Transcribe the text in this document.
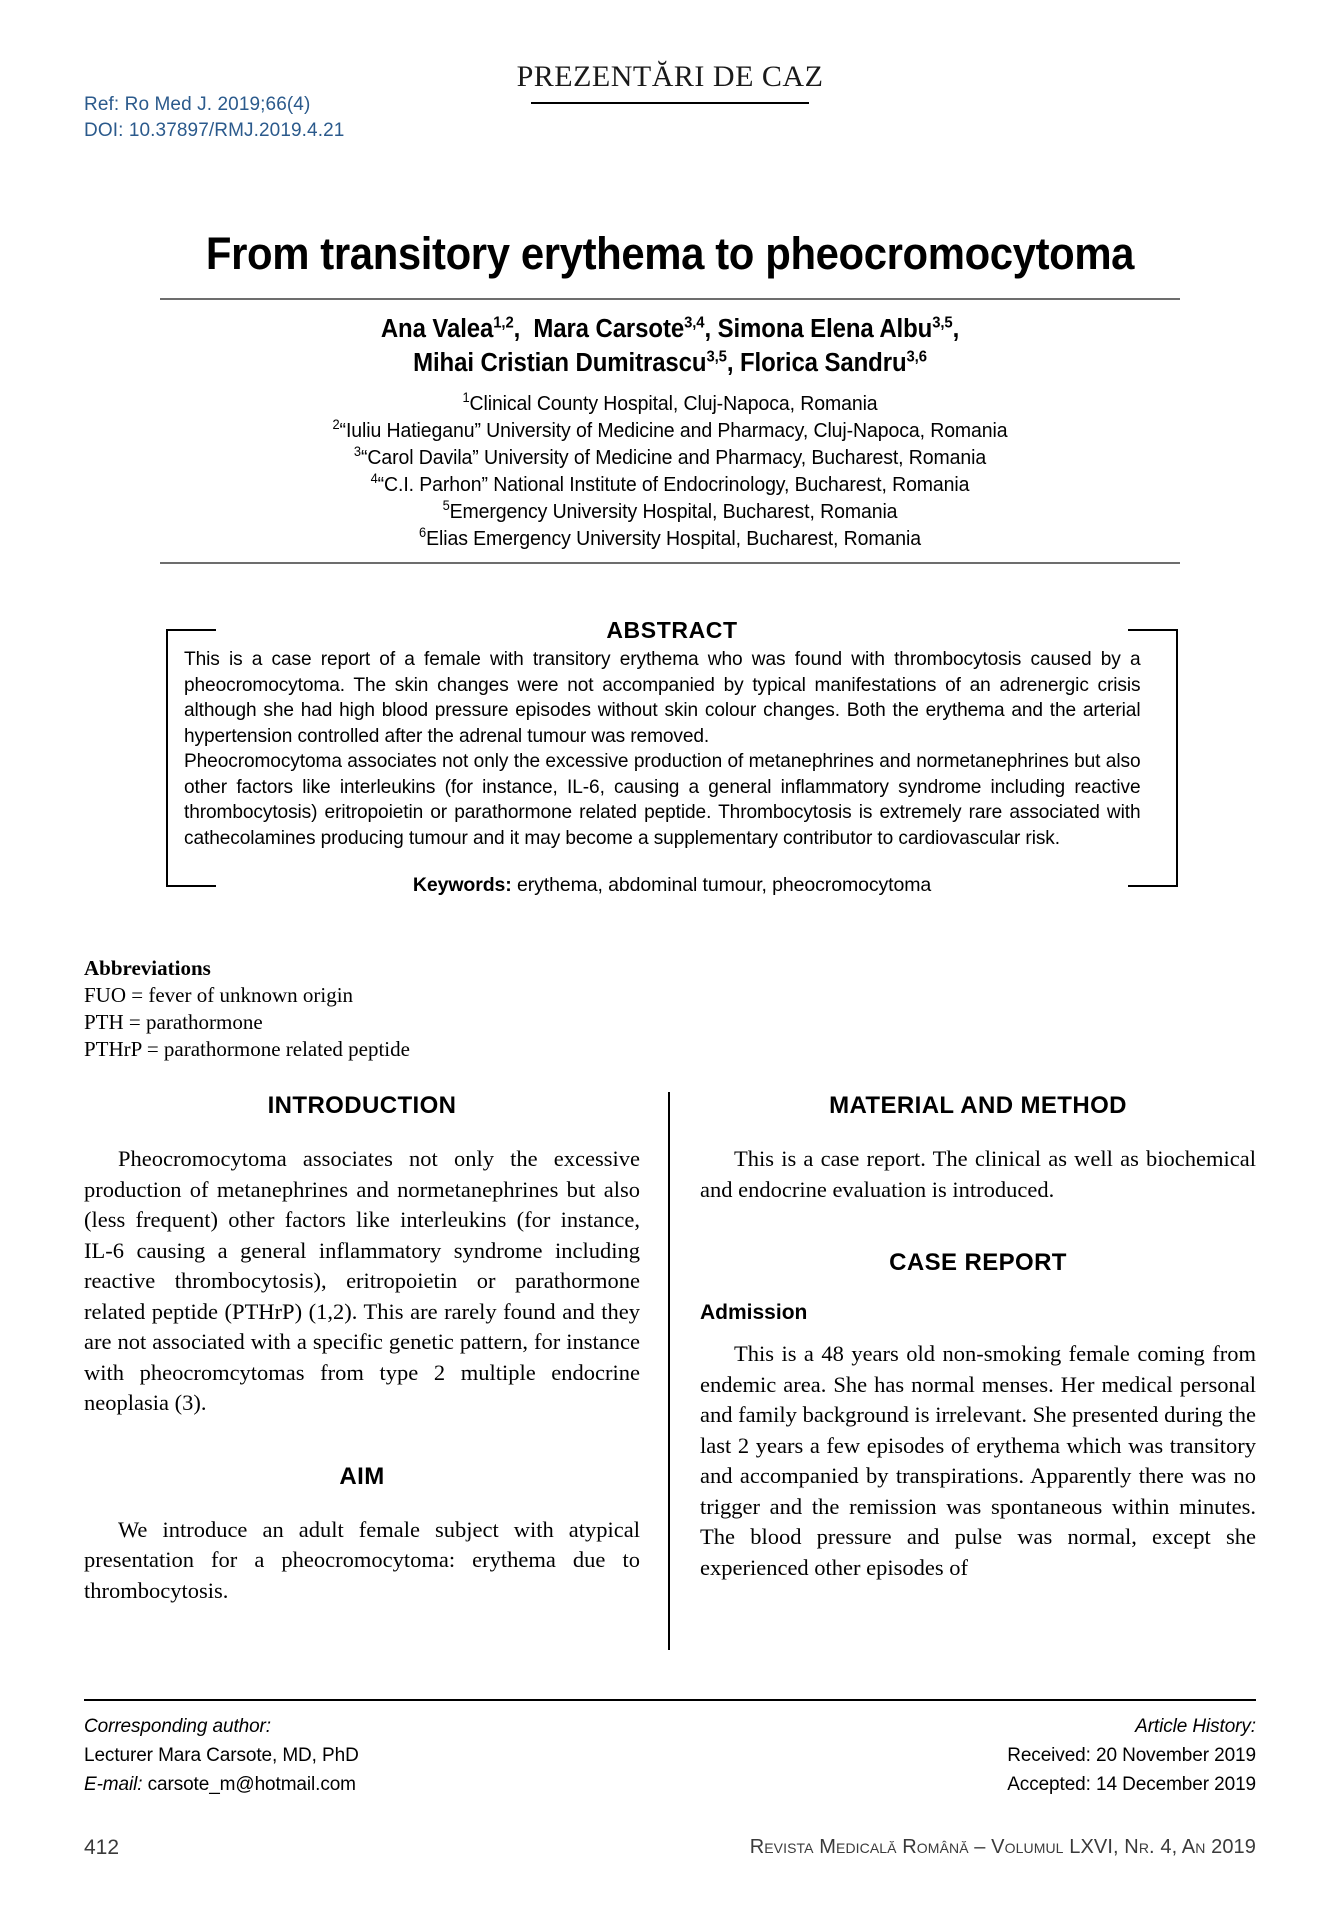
PREZENTĂRI DE CAZ
Ref: Ro Med J. 2019;66(4)
DOI: 10.37897/RMJ.2019.4.21
From transitory erythema to pheocromocytoma
Ana Valea$^{1,2}$,  Mara Carsote$^{3,4}$, Simona Elena Albu$^{3,5}$,
Mihai Cristian Dumitrascu$^{3,5}$, Florica Sandru$^{3,6}$
$^1$Clinical County Hospital, Cluj-Napoca, Romania
$^2$“Iuliu Hatieganu” University of Medicine and Pharmacy, Cluj-Napoca, Romania
$^3$“Carol Davila” University of Medicine and Pharmacy, Bucharest, Romania
$^4$“C.I. Parhon” National Institute of Endocrinology, Bucharest, Romania
$^5$Emergency University Hospital, Bucharest, Romania
$^6$Elias Emergency University Hospital, Bucharest, Romania
ABSTRACT

This is a case report of a female with transitory erythema who was found with thrombocytosis caused by a pheocromocytoma. The skin changes were not accompanied by typical manifestations of an adrenergic crisis although she had high blood pressure episodes without skin colour changes. Both the erythema and the arterial hypertension controlled after the adrenal tumour was removed.

Pheocromocytoma associates not only the excessive production of metanephrines and normetanephrines but also other factors like interleukins (for instance, IL-6, causing a general inflammatory syndrome including reactive thrombocytosis) eritropoietin or parathormone related peptide. Thrombocytosis is extremely rare associated with cathecolamines producing tumour and it may become a supplementary contributor to cardiovascular risk.

Keywords: erythema, abdominal tumour, pheocromocytoma
Abbreviations
FUO = fever of unknown origin
PTH = parathormone
PTHrP = parathormone related peptide
INTRODUCTION

Pheocromocytoma associates not only the excessive production of metanephrines and normetanephrines but also (less frequent) other factors like interleukins (for instance, IL-6 causing a general inflammatory syndrome including reactive thrombocytosis), eritropoietin or parathormone related peptide (PTHrP) (1,2). This are rarely found and they are not associated with a specific genetic pattern, for instance with pheocromcytomas from type 2 multiple endocrine neoplasia (3).

AIM

We introduce an adult female subject with atypical presentation for a pheocromocytoma: erythema due to thrombocytosis.

MATERIAL AND METHOD

This is a case report. The clinical as well as biochemical and endocrine evaluation is introduced.

CASE REPORT
Admission

This is a 48 years old non-smoking female coming from endemic area. She has normal menses. Her medical personal and family background is irrelevant. She presented during the last 2 years a few episodes of erythema which was transitory and accompanied by transpirations. Apparently there was no trigger and the remission was spontaneous within minutes. The blood pressure and pulse was normal, except she experienced other episodes of

Corresponding author:
Lecturer Mara Carsote, MD, PhD
E-mail: carsote_m@hotmail.com
Article History:
Received: 20 November 2019
Accepted: 14 December 2019
412	Revista Medicală Română – Volumul LXVI, Nr. 4, An 2019
